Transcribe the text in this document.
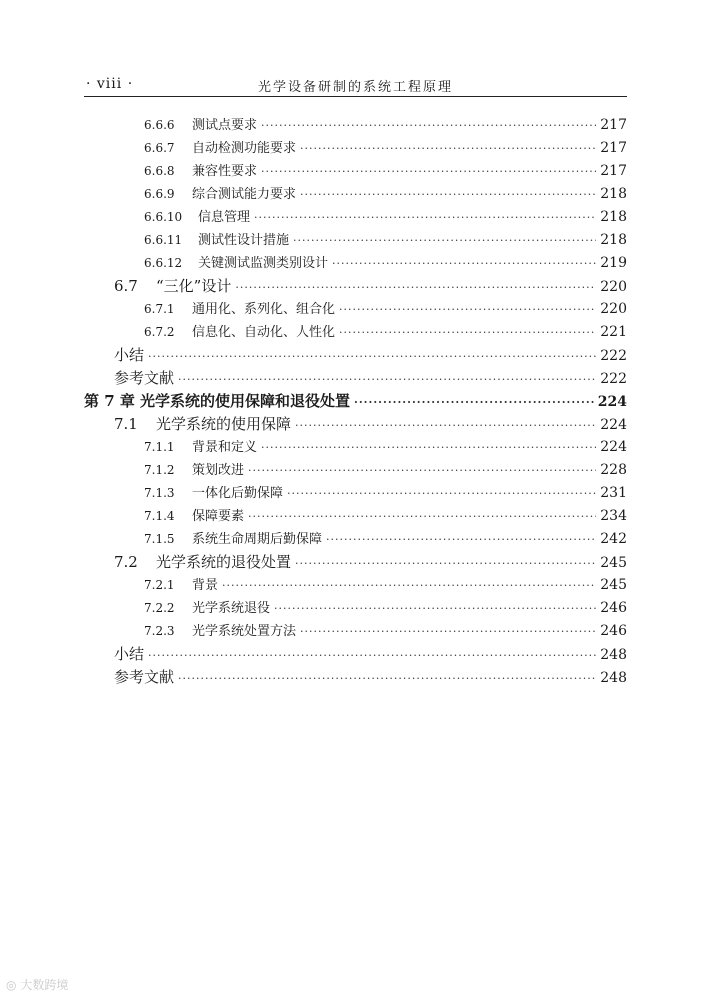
· viii ·	光学设备研制的系统工程原理
6.6.6	测试点要求 ·····	217
6.6.7	自动检测功能要求 ·····	217
6.6.8	兼容性要求 ·····	217
6.6.9	综合测试能力要求 ·····	218
6.6.10	信息管理 ·····	218
6.6.11	测试性设计措施 ·····	218
6.6.12	关键测试监测类别设计 ·····	219
6.7	“三化”设计 ·····	220
6.7.1	通用化、系列化、组合化 ·····	220
6.7.2	信息化、自动化、人性化 ·····	221
小结 ·····	222
参考文献 ·····	222
第 7 章 光学系统的使用保障和退役处置 ·····	224
7.1	光学系统的使用保障 ·····	224
7.1.1	背景和定义 ·····	224
7.1.2	策划改进 ·····	228
7.1.3	一体化后勤保障 ·····	231
7.1.4	保障要素 ·····	234
7.1.5	系统生命周期后勤保障 ·····	242
7.2	光学系统的退役处置 ·····	245
7.2.1	背景 ·····	245
7.2.2	光学系统退役 ·····	246
7.2.3	光学系统处置方法 ·····	246
小结 ·····	248
参考文献 ·····	248
◎ 大数跨境
